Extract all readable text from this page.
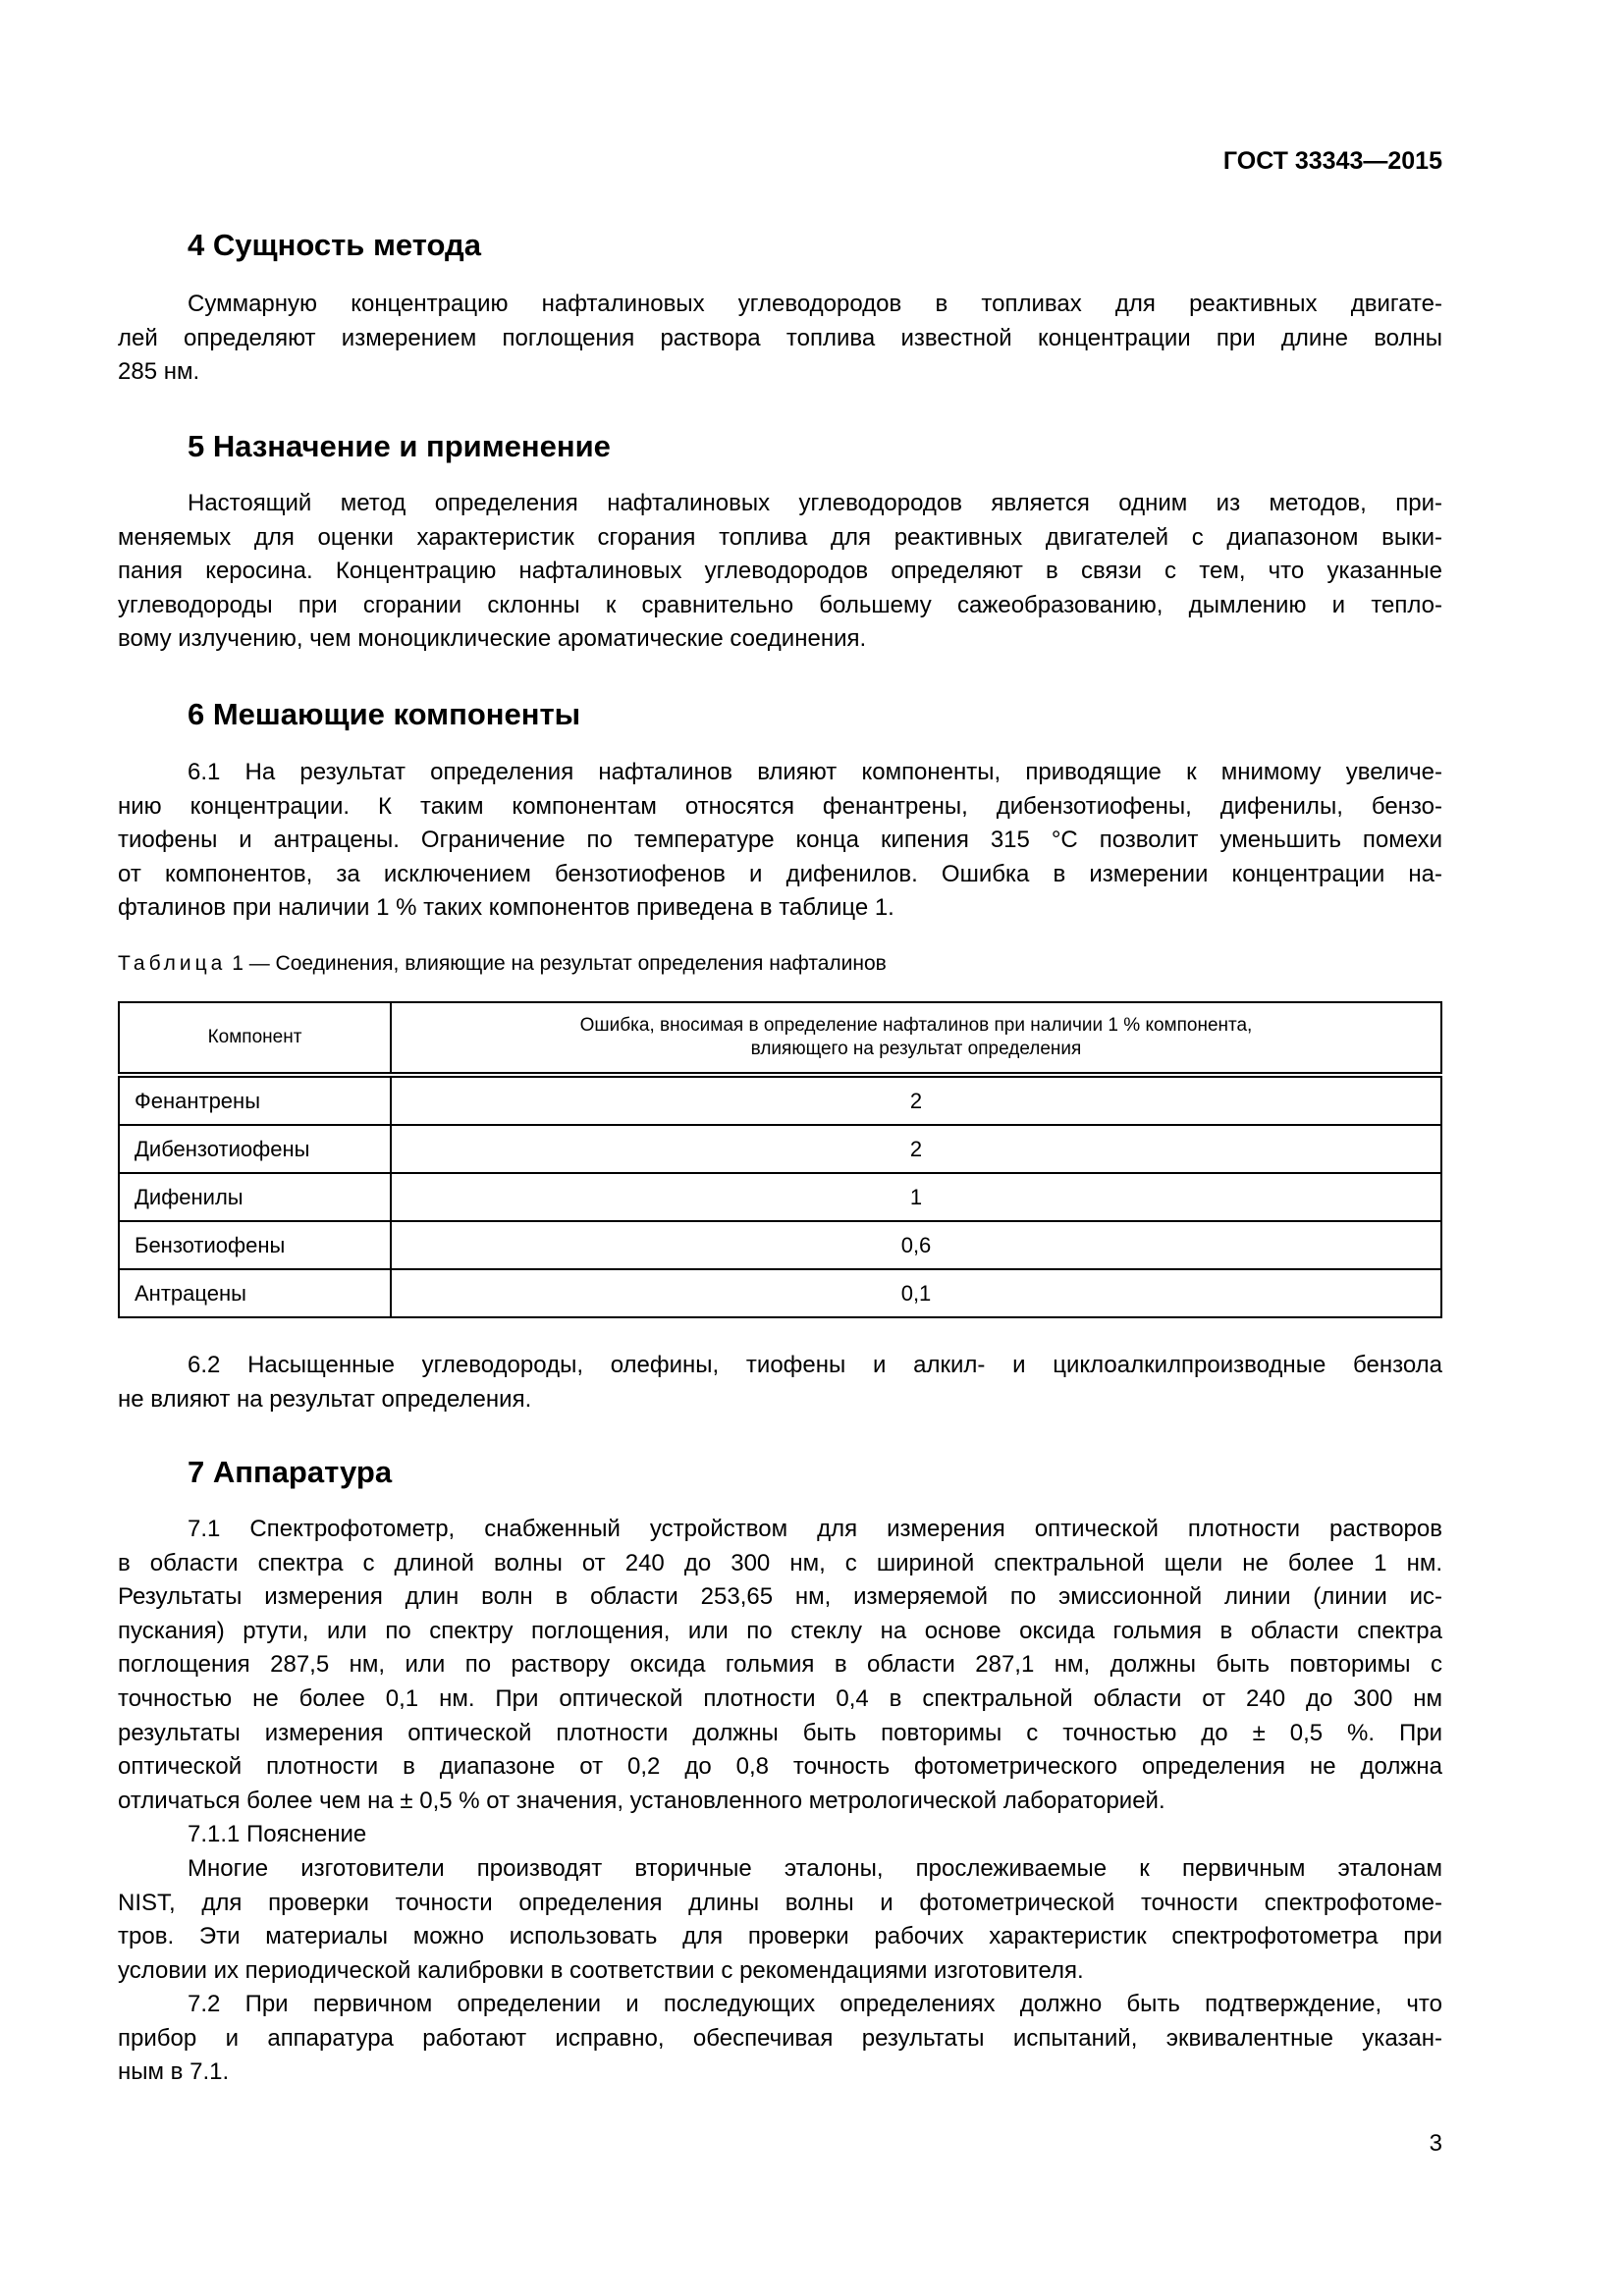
ГОСТ 33343—2015
4 Сущность метода
Суммарную концентрацию нафталиновых углеводородов в топливах для реактивных двигате-
лей определяют измерением поглощения раствора топлива известной концентрации при длине волны
285 нм.
5 Назначение и применение
Настоящий метод определения нафталиновых углеводородов является одним из методов, при-
меняемых для оценки характеристик сгорания топлива для реактивных двигателей с диапазоном выки-
пания керосина. Концентрацию нафталиновых углеводородов определяют в связи с тем, что указанные
углеводороды при сгорании склонны к сравнительно большему сажеобразованию, дымлению и тепло-
вому излучению, чем моноциклические ароматические соединения.
6 Мешающие компоненты
6.1 На результат определения нафталинов влияют компоненты, приводящие к мнимому увеличе-
нию концентрации. К таким компонентам относятся фенантрены, дибензотиофены, дифенилы, бензо-
тиофены и антрацены. Ограничение по температуре конца кипения 315 °С позволит уменьшить помехи
от компонентов, за исключением бензотиофенов и дифенилов. Ошибка в измерении концентрации на-
фталинов при наличии 1 % таких компонентов приведена в таблице 1.
Таблица 1 — Соединения, влияющие на результат определения нафталинов
Компонент	Ошибка, вносимая в определение нафталинов при наличии 1 % компонента,
влияющего на результат определения
Фенантрены	2
Дибензотиофены	2
Дифенилы	1
Бензотиофены	0,6
Антрацены	0,1
6.2 Насыщенные углеводороды, олефины, тиофены и алкил- и циклоалкилпроизводные бензола
не влияют на результат определения.
7 Аппаратура
7.1 Спектрофотометр, снабженный устройством для измерения оптической плотности растворов
в области спектра с длиной волны от 240 до 300 нм, с шириной спектральной щели не более 1 нм.
Результаты измерения длин волн в области 253,65 нм, измеряемой по эмиссионной линии (линии ис-
пускания) ртути, или по спектру поглощения, или по стеклу на основе оксида гольмия в области спектра
поглощения 287,5 нм, или по раствору оксида гольмия в области 287,1 нм, должны быть повторимы с
точностью не более 0,1 нм. При оптической плотности 0,4 в спектральной области от 240 до 300 нм
результаты измерения оптической плотности должны быть повторимы с точностью до ± 0,5 %. При
оптической плотности в диапазоне от 0,2 до 0,8 точность фотометрического определения не должна
отличаться более чем на ± 0,5 % от значения, установленного метрологической лабораторией.
7.1.1 Пояснение
Многие изготовители производят вторичные эталоны, прослеживаемые к первичным эталонам
NIST, для проверки точности определения длины волны и фотометрической точности спектрофотоме-
тров. Эти материалы можно использовать для проверки рабочих характеристик спектрофотометра при
условии их периодической калибровки в соответствии с рекомендациями изготовителя.
7.2 При первичном определении и последующих определениях должно быть подтверждение, что
прибор и аппаратура работают исправно, обеспечивая результаты испытаний, эквивалентные указан-
ным в 7.1.
3
